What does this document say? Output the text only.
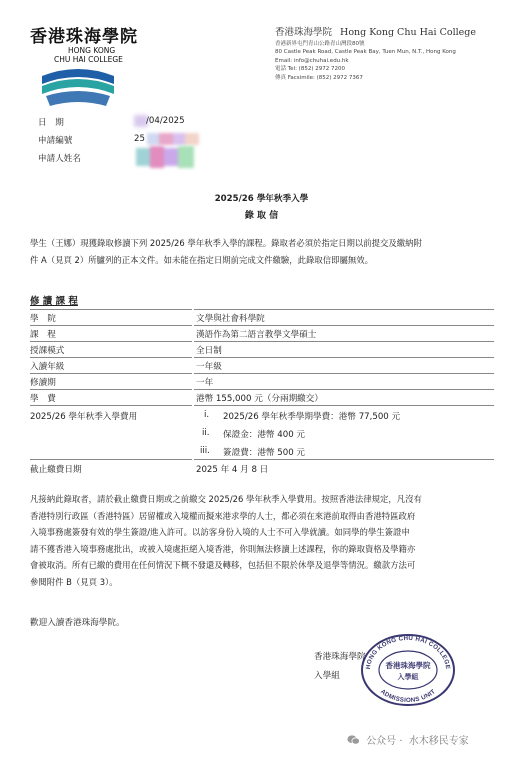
香港珠海學院
HONG KONG
CHU HAI COLLEGE
香港珠海學院 Hong Kong Chu Hai College
香港新界屯門青山公路青山灣段80號
80 Castle Peak Road, Castle Peak Bay, Tuen Mun, N.T., Hong Kong
Email: info@chuhai.edu.hk
電話 Tel: (852) 2972 7200
傳真 Facsimile: (852) 2972 7367
日　期	/04/2025
申請編號	25
申請人姓名
2025/26 學年秋季入學
錄 取 信
學生（王娜）現獲錄取修讀下列 2025/26 學年秋季入學的課程。錄取者必須於指定日期以前提交及繳納附
件 A（見頁 2）所臚列的正本文件。如未能在指定日期前完成文件繳驗，此錄取信即屬無效。
修 讀 課 程
學　院	文學與社會科學院
課　程	漢語作為第二語言教學文學碩士
授課模式	全日制
入讀年級	一年級
修讀期	一年
學　費	港幣 155,000 元（分兩期繳交）
2025/26 學年秋季入學費用	i. 2025/26 學年秋季學期學費：港幣 77,500 元
ii. 保證金：港幣 400 元
iii. 簽證費：港幣 500 元
截止繳費日期	2025 年 4 月 8 日
凡接納此錄取者，請於截止繳費日期或之前繳交 2025/26 學年秋季入學費用。按照香港法律規定，凡沒有
香港特別行政區（香港特區）居留權或入境權而擬來港求學的人士，都必須在來港前取得由香港特區政府
入境事務處簽發有效的學生簽證/進入許可。以訪客身份入境的人士不可入學就讀。如同學的學生簽證申
請不獲香港入境事務處批出，或被入境處拒絕入境香港，你則無法修讀上述課程，你的錄取資格及學籍亦
會被取消。所有已繳的費用在任何情況下概不發還及轉移，包括但不限於休學及退學等情況。繳款方法可
參閱附件 B（見頁 3）。
歡迎入讀香港珠海學院。
香港珠海學院
入學組
HONG KONG CHU HAI COLLEGE
ADMISSIONS UNIT
香港珠海學院
入學組
公众号 · 水木移民专家
